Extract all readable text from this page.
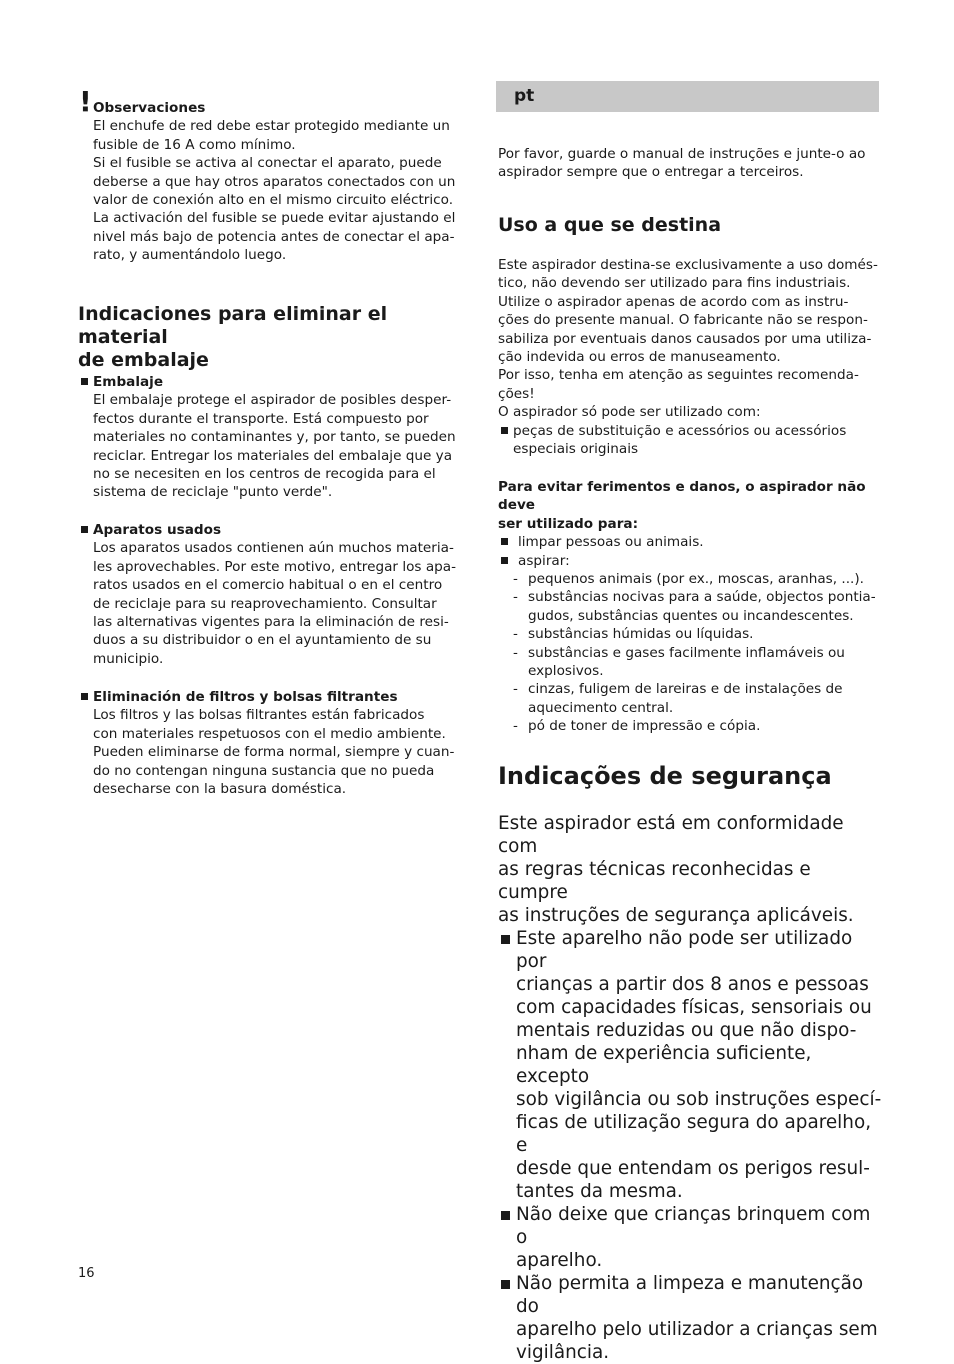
! Observaciones

El enchufe de red debe estar protegido mediante un

fusible de 16 A como mínimo.

Si el fusible se activa al conectar el aparato, puede

deberse a que hay otros aparatos conectados con un

valor de conexión alto en el mismo circuito eléctrico.

La activación del fusible se puede evitar ajustando el

nivel más bajo de potencia antes de conectar el apa-

rato, y aumentándolo luego.

Indicaciones para eliminar el material
de embalaje

Embalaje

El embalaje protege el aspirador de posibles desper-

fectos durante el transporte. Está compuesto por

materiales no contaminantes y, por tanto, se pueden

reciclar. Entregar los materiales del embalaje que ya

no se necesiten en los centros de recogida para el

sistema de reciclaje "punto verde".

Aparatos usados

Los aparatos usados contienen aún muchos materia-

les aprovechables. Por este motivo, entregar los apa-

ratos usados en el comercio habitual o en el centro

de reciclaje para su reaprovechamiento. Consultar

las alternativas vigentes para la eliminación de resi-

duos a su distribuidor o en el ayuntamiento de su

municipio.

Eliminación de filtros y bolsas filtrantes

Los filtros y las bolsas filtrantes están fabricados

con materiales respetuosos con el medio ambiente.

Pueden eliminarse de forma normal, siempre y cuan-

do no contengan ninguna sustancia que no pueda

desecharse con la basura doméstica.

pt

Por favor, guarde o manual de instruções e junte-o ao

aspirador sempre que o entregar a terceiros.

Uso a que se destina

Este aspirador destina-se exclusivamente a uso domés-

tico, não devendo ser utilizado para fins industriais.

Utilize o aspirador apenas de acordo com as instru-

ções do presente manual. O fabricante não se respon-

sabiliza por eventuais danos causados por uma utiliza-

ção indevida ou erros de manuseamento.

Por isso, tenha em atenção as seguintes recomenda-

ções!

O aspirador só pode ser utilizado com:

peças de substituição e acessórios ou acessórios

especiais originais

Para evitar ferimentos e danos, o aspirador não deve

ser utilizado para:

limpar pessoas ou animais.

aspirar:

- pequenos animais (por ex., moscas, aranhas, ...).

- substâncias nocivas para a saúde, objectos pontia-

gudos, substâncias quentes ou incandescentes.

- substâncias húmidas ou líquidas.

- substâncias e gases facilmente inflamáveis ou

explosivos.

- cinzas, fuligem de lareiras e de instalações de

aquecimento central.

- pó de toner de impressão e cópia.

Indicações de segurança

Este aspirador está em conformidade com

as regras técnicas reconhecidas e cumpre

as instruções de segurança aplicáveis.

Este aparelho não pode ser utilizado por

crianças a partir dos 8 anos e pessoas

com capacidades físicas, sensoriais ou

mentais reduzidas ou que não dispo-

nham de experiência suficiente, excepto

sob vigilância ou sob instruções especí-

ficas de utilização segura do aparelho, e

desde que entendam os perigos resul-

tantes da mesma.

Não deixe que crianças brinquem com o

aparelho.

Não permita a limpeza e manutenção do

aparelho pelo utilizador a crianças sem

vigilância.

16
